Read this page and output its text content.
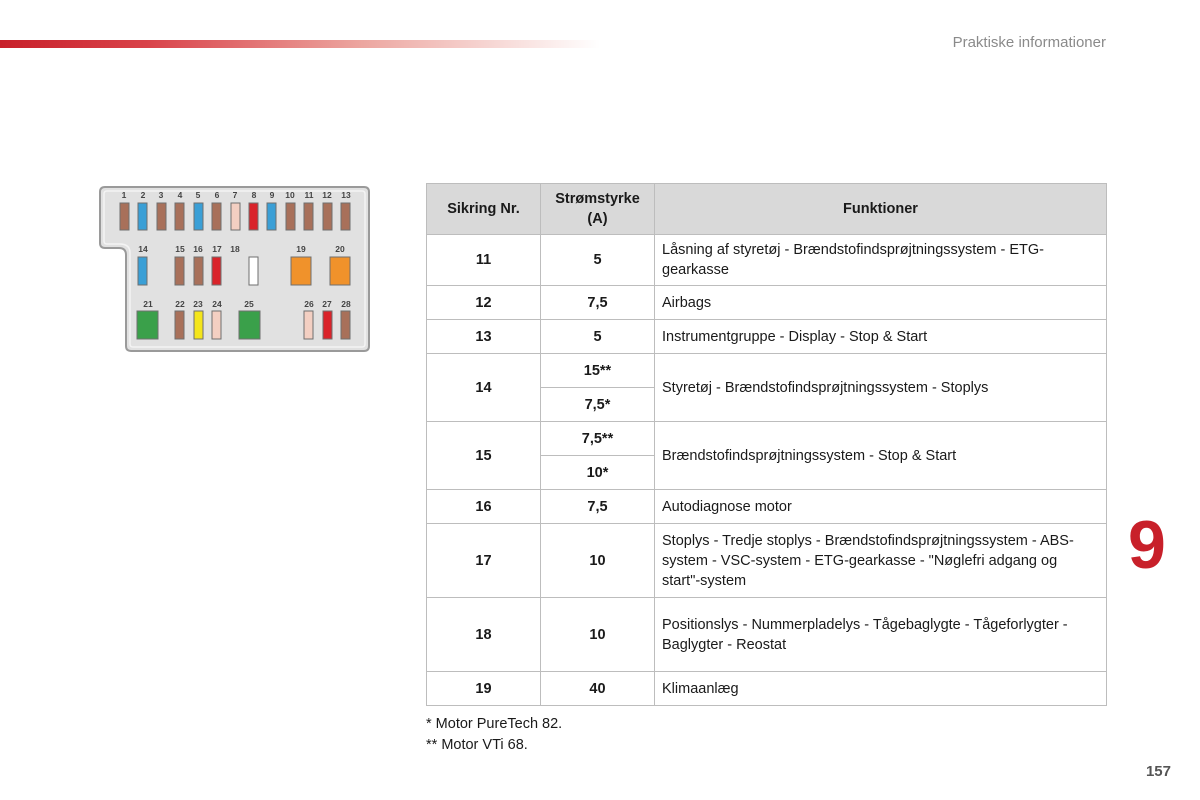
Praktiske informationer
1 2 3 4 5 6 7 8 9 10 11 12 13
14	15 16 17 18	19	20
21	22 23 24	25	26 27 28
Sikring Nr.	Strømstyrke (A)	Funktioner
11	5	Låsning af styretøj - Brændstofindsprøjtningssystem - ETG-gearkasse
12	7,5	Airbags
13	5	Instrumentgruppe - Display - Stop & Start
14	15**	Styretøj - Brændstofindsprøjtningssystem - Stoplys
	7,5*	
15	7,5**	Brændstofindsprøjtningssystem - Stop & Start
	10*	
16	7,5	Autodiagnose motor
17	10	Stoplys - Tredje stoplys - Brændstofindsprøjtningssystem - ABS-system - VSC-system - ETG-gearkasse - "Nøglefri adgang og start"-system
18	10	Positionslys - Nummerpladelys - Tågebaglygte - Tågeforlygter - Baglygter - Reostat
19	40	Klimaanlæg
* Motor PureTech 82.
** Motor VTi 68.
9
157
